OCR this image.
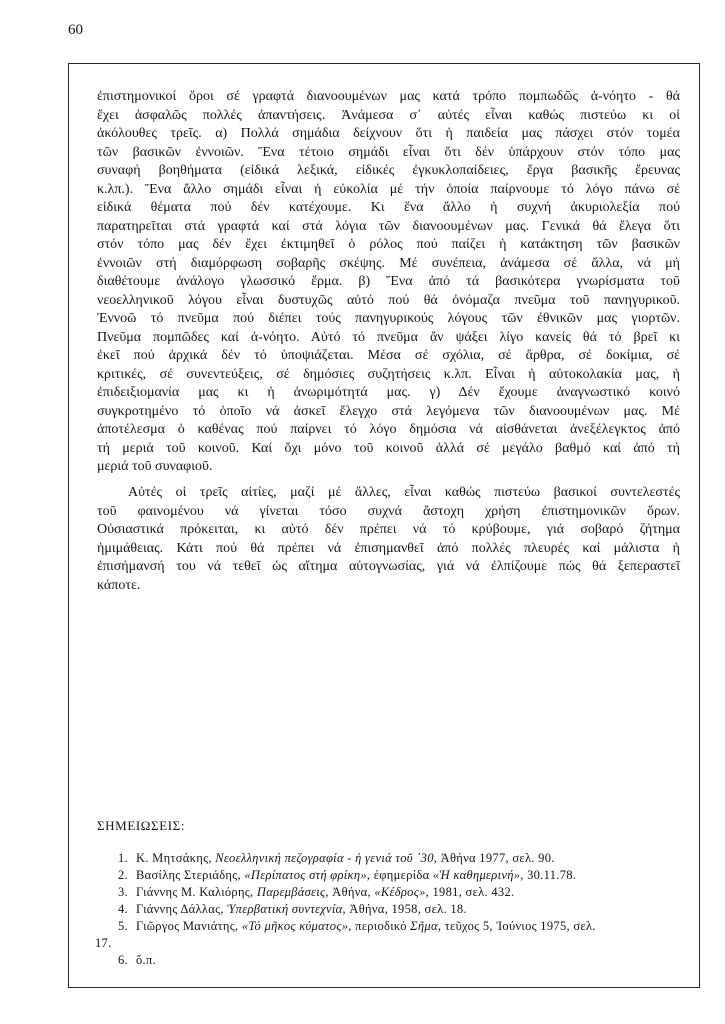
60
ἐπιστημονικοί ὅροι σέ γραφτά διανοουμένων μας κατά τρόπο πομπωδῶς ἀ-νόητο - θά
ἔχει ἀσφαλῶς πολλές ἀπαντήσεις. Ἀνάμεσα σ᾽ αὐτές εἶναι καθώς πιστεύω κι οἱ
ἀκόλουθες τρεῖς. α) Πολλά σημάδια δείχνουν ὅτι ἡ παιδεία μας πάσχει στόν τομέα
τῶν βασικῶν ἐννοιῶν. Ἕνα τέτοιο σημάδι εἶναι ὅτι δέν ὑπάρχουν στόν τόπο μας
συναφή βοηθήματα (εἰδικά λεξικά, εἰδικές ἐγκυκλοπαίδειες, ἔργα βασικῆς ἔρευνας
κ.λπ.). Ἕνα ἄλλο σημάδι εἶναι ἡ εὐκολία μέ τήν ὁποία παίρνουμε τό λόγο πάνω σέ
εἰδικά θέματα πού δέν κατέχουμε. Κι ἕνα ἄλλο ἡ συχνή ἀκυριολεξία πού
παρατηρεῖται στά γραφτά καί στά λόγια τῶν διανοουμένων μας. Γενικά θά ἔλεγα ὅτι
στόν τόπο μας δέν ἔχει ἐκτιμηθεῖ ὁ ρόλος πού παίζει ἡ κατάκτηση τῶν βασικῶν
ἐννοιῶν στή διαμόρφωση σοβαρῆς σκέψης. Μέ συνέπεια, ἀνάμεσα σέ ἄλλα, νά μή
διαθέτουμε ἀνάλογο γλωσσικό ἕρμα. β) Ἕνα ἀπό τά βασικότερα γνωρίσματα τοῦ
νεοελληνικοῦ λόγου εἶναι δυστυχῶς αὐτό πού θά ὀνόμαζα πνεῦμα τοῦ πανηγυρικοῦ.
Ἐννοῶ τό πνεῦμα πού διέπει τούς πανηγυρικούς λόγους τῶν ἐθνικῶν μας γιορτῶν.
Πνεῦμα πομπῶδες καί ἀ-νόητο. Αὐτό τό πνεῦμα ἄν ψάξει λίγο κανείς θά τό βρεῖ κι
ἐκεῖ πού ἀρχικά δέν τό ὑποψιάζεται. Μέσα σέ σχόλια, σέ ἄρθρα, σέ δοκίμια, σέ
κριτικές, σέ συνεντεύξεις, σέ δημόσιες συζητήσεις κ.λπ. Εἶναι ἡ αὐτοκολακία μας, ἡ
ἐπιδειξιομανία μας κι ἡ ἀνωριμότητά μας. γ) Δέν ἔχουμε ἀναγνωστικό κοινό
συγκροτημένο τό ὁποῖο νά ἀσκεῖ ἔλεγχο στά λεγόμενα τῶν διανοουμένων μας. Μέ
ἀποτέλεσμα ὁ καθένας πού παίρνει τό λόγο δημόσια νά αἰσθάνεται ἀνεξέλεγκτος ἀπό
τή μεριά τοῦ κοινοῦ. Καί ὄχι μόνο τοῦ κοινοῦ ἀλλά σέ μεγάλο βαθμό καί ἀπό τή
μεριά τοῦ συναφιοῦ.
Αὐτές οἱ τρεῖς αἰτίες, μαζί μέ ἄλλες, εἶναι καθώς πιστεύω βασικοί συντελεστές
τοῦ φαινομένου νά γίνεται τόσο συχνά ἄστοχη χρήση ἐπιστημονικῶν ὅρων.
Οὐσιαστικά πρόκειται, κι αὐτό δέν πρέπει νά τό κρύβουμε, γιά σοβαρό ζήτημα
ἡμιμάθειας. Κάτι πού θά πρέπει νά ἐπισημανθεῖ ἀπό πολλές πλευρές καί μάλιστα ἡ
ἐπισήμανσή του νά τεθεῖ ὡς αἴτημα αὐτογνωσίας, γιά νά ἐλπίζουμε πώς θά ξεπεραστεῖ
κάποτε.
ΣΗΜΕΙΩΣΕΙΣ:
1. Κ. Μητσάκης, Νεοελληνική πεζογραφία - ἡ γενιά τοῦ ᾽30, Ἀθήνα 1977, σελ. 90.
2. Βασίλης Στεριάδης, «Περίπατος στή φρίκη», ἐφημερίδα «Ἡ καθημερινή», 30.11.78.
3. Γιάννης Μ. Καλιόρης, Παρεμβάσεις, Ἀθήνα, «Κέδρος», 1981, σελ. 432.
4. Γιάννης Δάλλας, Ὑπερβατική συντεχνία, Ἀθήνα, 1958, σελ. 18.
5. Γιῶργος Μανιάτης, «Τό μῆκος κύματος», περιοδικό Σῆμα, τεῦχος 5, Ἰούνιος 1975, σελ.
17.
6. ὅ.π.
